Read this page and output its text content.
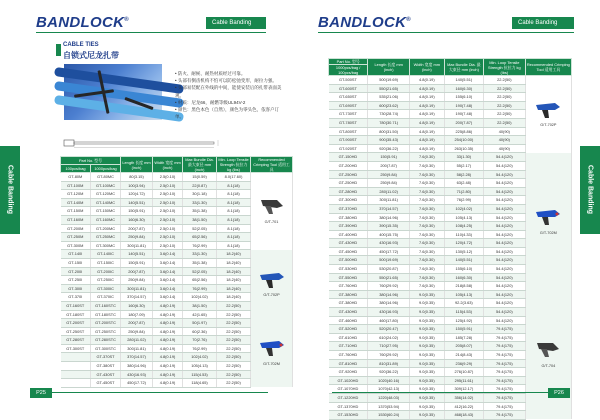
BANDLOCK®	Cable Banding
Cable Banding
CABLE TIES
自锁式尼龙扎带
• 防火、耐候、耐热材质经过可靠。
• 头部有倒齿机构不怕可以防松弛变形，耐拉力强。
• 头部易装配在外线的中间，能使安装后的扎带表面美观。
• 材质：尼龙66，耐燃等级UL94V-2
• 颜色：黑色本色（自然），颜色为零头色，依客户订单。
Part No. 型号		Length 长度 mm (inch)	Width 宽度 mm (inch)	Max Bundle Dia. 最大束径 mm (inch)	Min. Loop Tensile Strength 抗拉力 kg (lbs)	Recommended Crimping Tool 适用工具
100pcs/bag	1000pcs/bag					
GT-80M	GT-80MC	80(3.15)	2.5(0.10)	15(0.59)	8.0(17.60)	G/T-701

GT-100M	GT-100MC	100(3.94)	2.5(0.10)	22(0.87)	8.1(18)	
GT-120M	GT-120MC	120(4.72)	2.5(0.10)	30(1.18)	8.1(18)	
GT-140M	GT-140MC	140(5.51)	2.5(0.10)	33(1.30)	8.1(18)	
GT-150M	GT-150MC	150(5.91)	2.5(0.10)	35(1.38)	8.1(18)	
GT-160M	GT-160MC	160(6.30)	2.5(0.10)	38(1.50)	8.1(18)	
GT-200M	GT-200MC	200(7.87)	2.5(0.10)	52(2.05)	8.1(18)	
GT-250M	GT-250MC	250(9.84)	2.5(0.10)	65(2.56)	8.1(18)	
GT-300M	GT-300MC	300(11.81)	2.5(0.10)	76(2.99)	8.1(18)	
GT-140I	GT-140IC	140(5.51)	3.6(0.14)	33(1.30)	18.2(40)	G/T-702P

GT-150I	GT-150IC	150(5.91)	3.6(0.14)	35(1.38)	18.2(40)	
GT-200I	GT-200IC	200(7.87)	3.6(0.14)	52(2.05)	18.2(40)	
GT-250I	GT-250IC	250(9.84)	3.6(0.14)	65(2.56)	18.2(40)	
GT-300I	GT-300IC	300(11.81)	3.6(0.14)	76(2.99)	18.2(40)	
GT-370I	GT-370IC	370(14.57)	3.6(0.14)	102(4.02)	18.2(40)	
GT-160ST	GT-160STC	160(6.30)	4.8(0.19)	38(1.50)	22.2(50)	
GT-180ST	GT-180STC	180(7.09)	4.8(0.19)	42(1.65)	22.2(50)	
GT-200ST	GT-200STC	200(7.87)	4.8(0.19)	50(1.97)	22.2(50)	G/T-702M

GT-250ST	GT-250STC	250(9.84)	4.8(0.19)	60(2.36)	22.2(50)	
GT-280ST	GT-280STC	280(11.02)	4.8(0.19)	70(2.76)	22.2(50)	
GT-300ST	GT-300STC	300(11.81)	4.8(0.19)	76(2.99)	22.2(50)	
	GT-370ST	370(14.57)	4.8(0.19)	102(4.02)	22.2(50)	
	GT-380ST	380(14.96)	4.8(0.19)	105(4.13)	22.2(50)	
	GT-430ST	430(16.93)	4.8(0.19)	115(4.53)	22.2(50)	
	GT-450ST	450(17.72)	4.8(0.19)	118(4.65)	22.2(50)	
P25
BANDLOCK®	Cable Banding
Cable Banding
Part No. 型号	Length 长度 mm (inch)	Width 宽度 mm (inch)	Max Bundle Dia. 最大束径 mm (inch)	Min. Loop Tensile Strength 抗拉力 kg (lbs)	Recommended Crimping Tool 适用工具
1000pcs/bag / 100pcs/bag					
GT-500ST	500(19.69)	4.8(0.19)	140(5.51)	22.2(50)	G/T-702P

GT-600ST	550(21.65)	4.8(0.19)	160(6.30)	22.2(50)	
GT-650ST	535(21.06)	4.8(0.19)	155(6.10)	22.2(50)	
GT-690ST	600(23.62)	4.8(0.19)	190(7.48)	22.2(50)	
GT-730ST	730(28.74)	4.8(0.19)	190(7.48)	22.2(50)	
GT-780ST	780(30.71)	4.8(0.19)	200(7.87)	22.2(50)	
GT-800ST	800(31.50)	4.8(0.19)	225(8.86)	40(90)	
GT-900ST	900(35.43)	4.8(0.19)	254(10.00)	40(90)	
GT-920ST	920(36.22)	4.8(0.19)	263(10.35)	40(90)	
GT-150HD	150(5.91)	7.6(0.30)	33(1.30)	54.4(120)	G/T-702M

GT-200HD	200(7.87)	7.6(0.30)	55(2.17)	54.4(120)	
GT-250HD	250(9.84)	7.6(0.30)	58(2.28)	54.4(120)	
GT-250HD	250(9.84)	7.6(0.30)	63(2.48)	54.4(120)	
GT-280HD	280(11.02)	7.6(0.30)	71(2.80)	54.4(120)	
GT-300HD	300(11.81)	7.6(0.30)	76(2.99)	54.4(120)	
GT-370HD	370(14.57)	7.6(0.30)	102(4.02)	54.4(120)	
GT-380HD	380(14.96)	7.6(0.30)	105(4.13)	54.4(120)	
GT-390HD	390(15.35)	7.6(0.30)	108(4.25)	54.4(120)	
GT-400HD	400(15.75)	7.6(0.30)	110(4.33)	54.4(120)	
GT-430HD	430(16.93)	7.6(0.30)	120(4.72)	54.4(120)	
GT-450HD	450(17.72)	7.6(0.30)	130(5.12)	54.4(120)	
GT-500HD	500(19.69)	7.6(0.30)	140(5.51)	54.4(120)	
GT-530HD	530(20.87)	7.6(0.30)	155(6.10)	54.4(120)	
GT-550HD	550(21.65)	7.6(0.30)	160(6.30)	54.4(120)	
GT-760HD	760(29.92)	7.6(0.30)	218(8.58)	54.4(120)	
GT-380HD	380(14.96)	9.0(0.35)	105(4.13)	54.4(120)	G/T-704

GT-380HD	380(14.96)	9.0(0.35)	92.2(3.63)	54.4(120)	
GT-430HD	430(16.93)	9.0(0.35)	115(4.53)	54.4(120)	
GT-460HD	460(17.80)	9.0(0.35)	125(4.92)	54.4(120)	
GT-520HD	520(20.47)	9.0(0.35)	150(5.91)	79.4(175)	
GT-610HD	610(24.02)	9.0(0.35)	185(7.28)	79.4(175)	
GT-710HD	710(27.95)	9.0(0.35)	205(8.07)	79.4(175)	
GT-760HD	760(29.92)	9.0(0.35)	214(8.43)	79.4(175)	
GT-810HD	810(31.89)	9.0(0.35)	236(9.29)	79.4(175)	
GT-920HD	920(36.22)	9.0(0.35)	276(10.87)	79.4(175)	
GT-1020HD	1020(40.16)	9.0(0.35)	295(11.61)	79.4(175)	
GT-1070HD	1070(42.13)	9.0(0.35)	309(12.17)	79.4(175)	
GT-1220HD	1220(48.03)	9.0(0.35)	356(14.02)	79.4(175)	
GT-1370HD	1370(53.94)	9.0(0.35)	412(16.22)	79.4(175)	
GT-1530HD	1530(60.24)	9.0(0.35)	468(18.43)	79.4(175)	
P26
